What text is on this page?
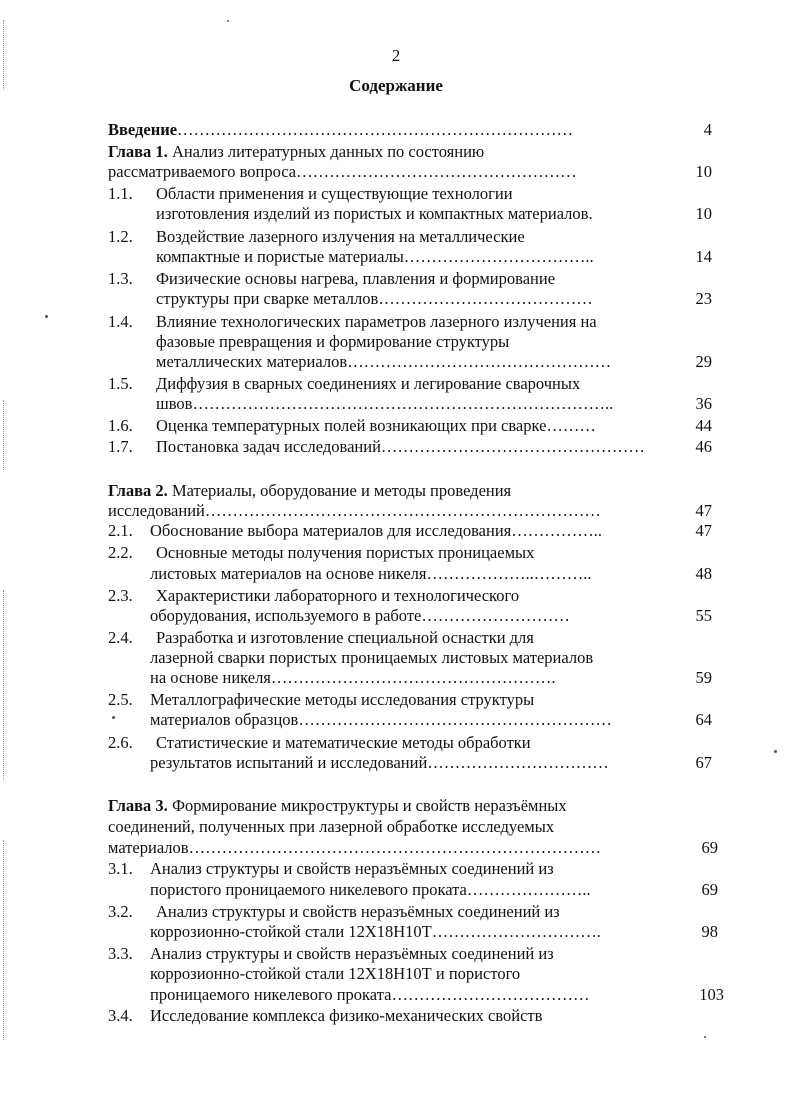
2
Содержание
Введение………………………………………………………………	4
Глава 1. Анализ литературных данных по состоянию
рассматриваемого вопроса……………………………………………	10
1.1. Области применения и существующие технологии
изготовления изделий из пористых и компактных материалов.	10
1.2. Воздействие лазерного излучения на металлические
компактные и пористые материалы……………………………..	14
1.3. Физические основы нагрева, плавления и формирование
структуры при сварке металлов…………………………………	23
1.4. Влияние технологических параметров лазерного излучения на
фазовые превращения и формирование структуры
металлических материалов…………………………………………	29
1.5. Диффузия в сварных соединениях и легирование сварочных
швов…………………………………………………………………..	36
1.6. Оценка температурных полей возникающих при сварке………	44
1.7. Постановка задач исследований…………………………………………	46
Глава 2. Материалы, оборудование и методы проведения
исследований………………………………………………………………	47
2.1. Обоснование выбора материалов для исследования……………..	47
2.2. Основные методы получения пористых проницаемых
листовых материалов на основе никеля………………..………..	48
2.3. Характеристики лабораторного и технологического
оборудования, используемого в работе………………………	55
2.4. Разработка и изготовление специальной оснастки для
лазерной сварки пористых проницаемых листовых материалов
на основе никеля…………………………………………….	59
2.5. Металлографические методы исследования структуры
материалов образцов…………………………………………………	64
2.6. Статистические и математические методы обработки
результатов испытаний и исследований……………………………	67
Глава 3. Формирование микроструктуры и свойств неразъёмных
соединений, полученных при лазерной обработке исследуемых
материалов…………………………………………………………………	69
3.1. Анализ структуры и свойств неразъёмных соединений из
пористого проницаемого никелевого проката…………………..	69
3.2. Анализ структуры и свойств неразъёмных соединений из
коррозионно-стойкой стали 12Х18Н10Т………………………….	98
3.3. Анализ структуры и свойств неразъёмных соединений из
коррозионно-стойкой стали 12Х18Н10Т и пористого
проницаемого никелевого проката………………………………	103
3.4. Исследование комплекса физико-механических свойств
